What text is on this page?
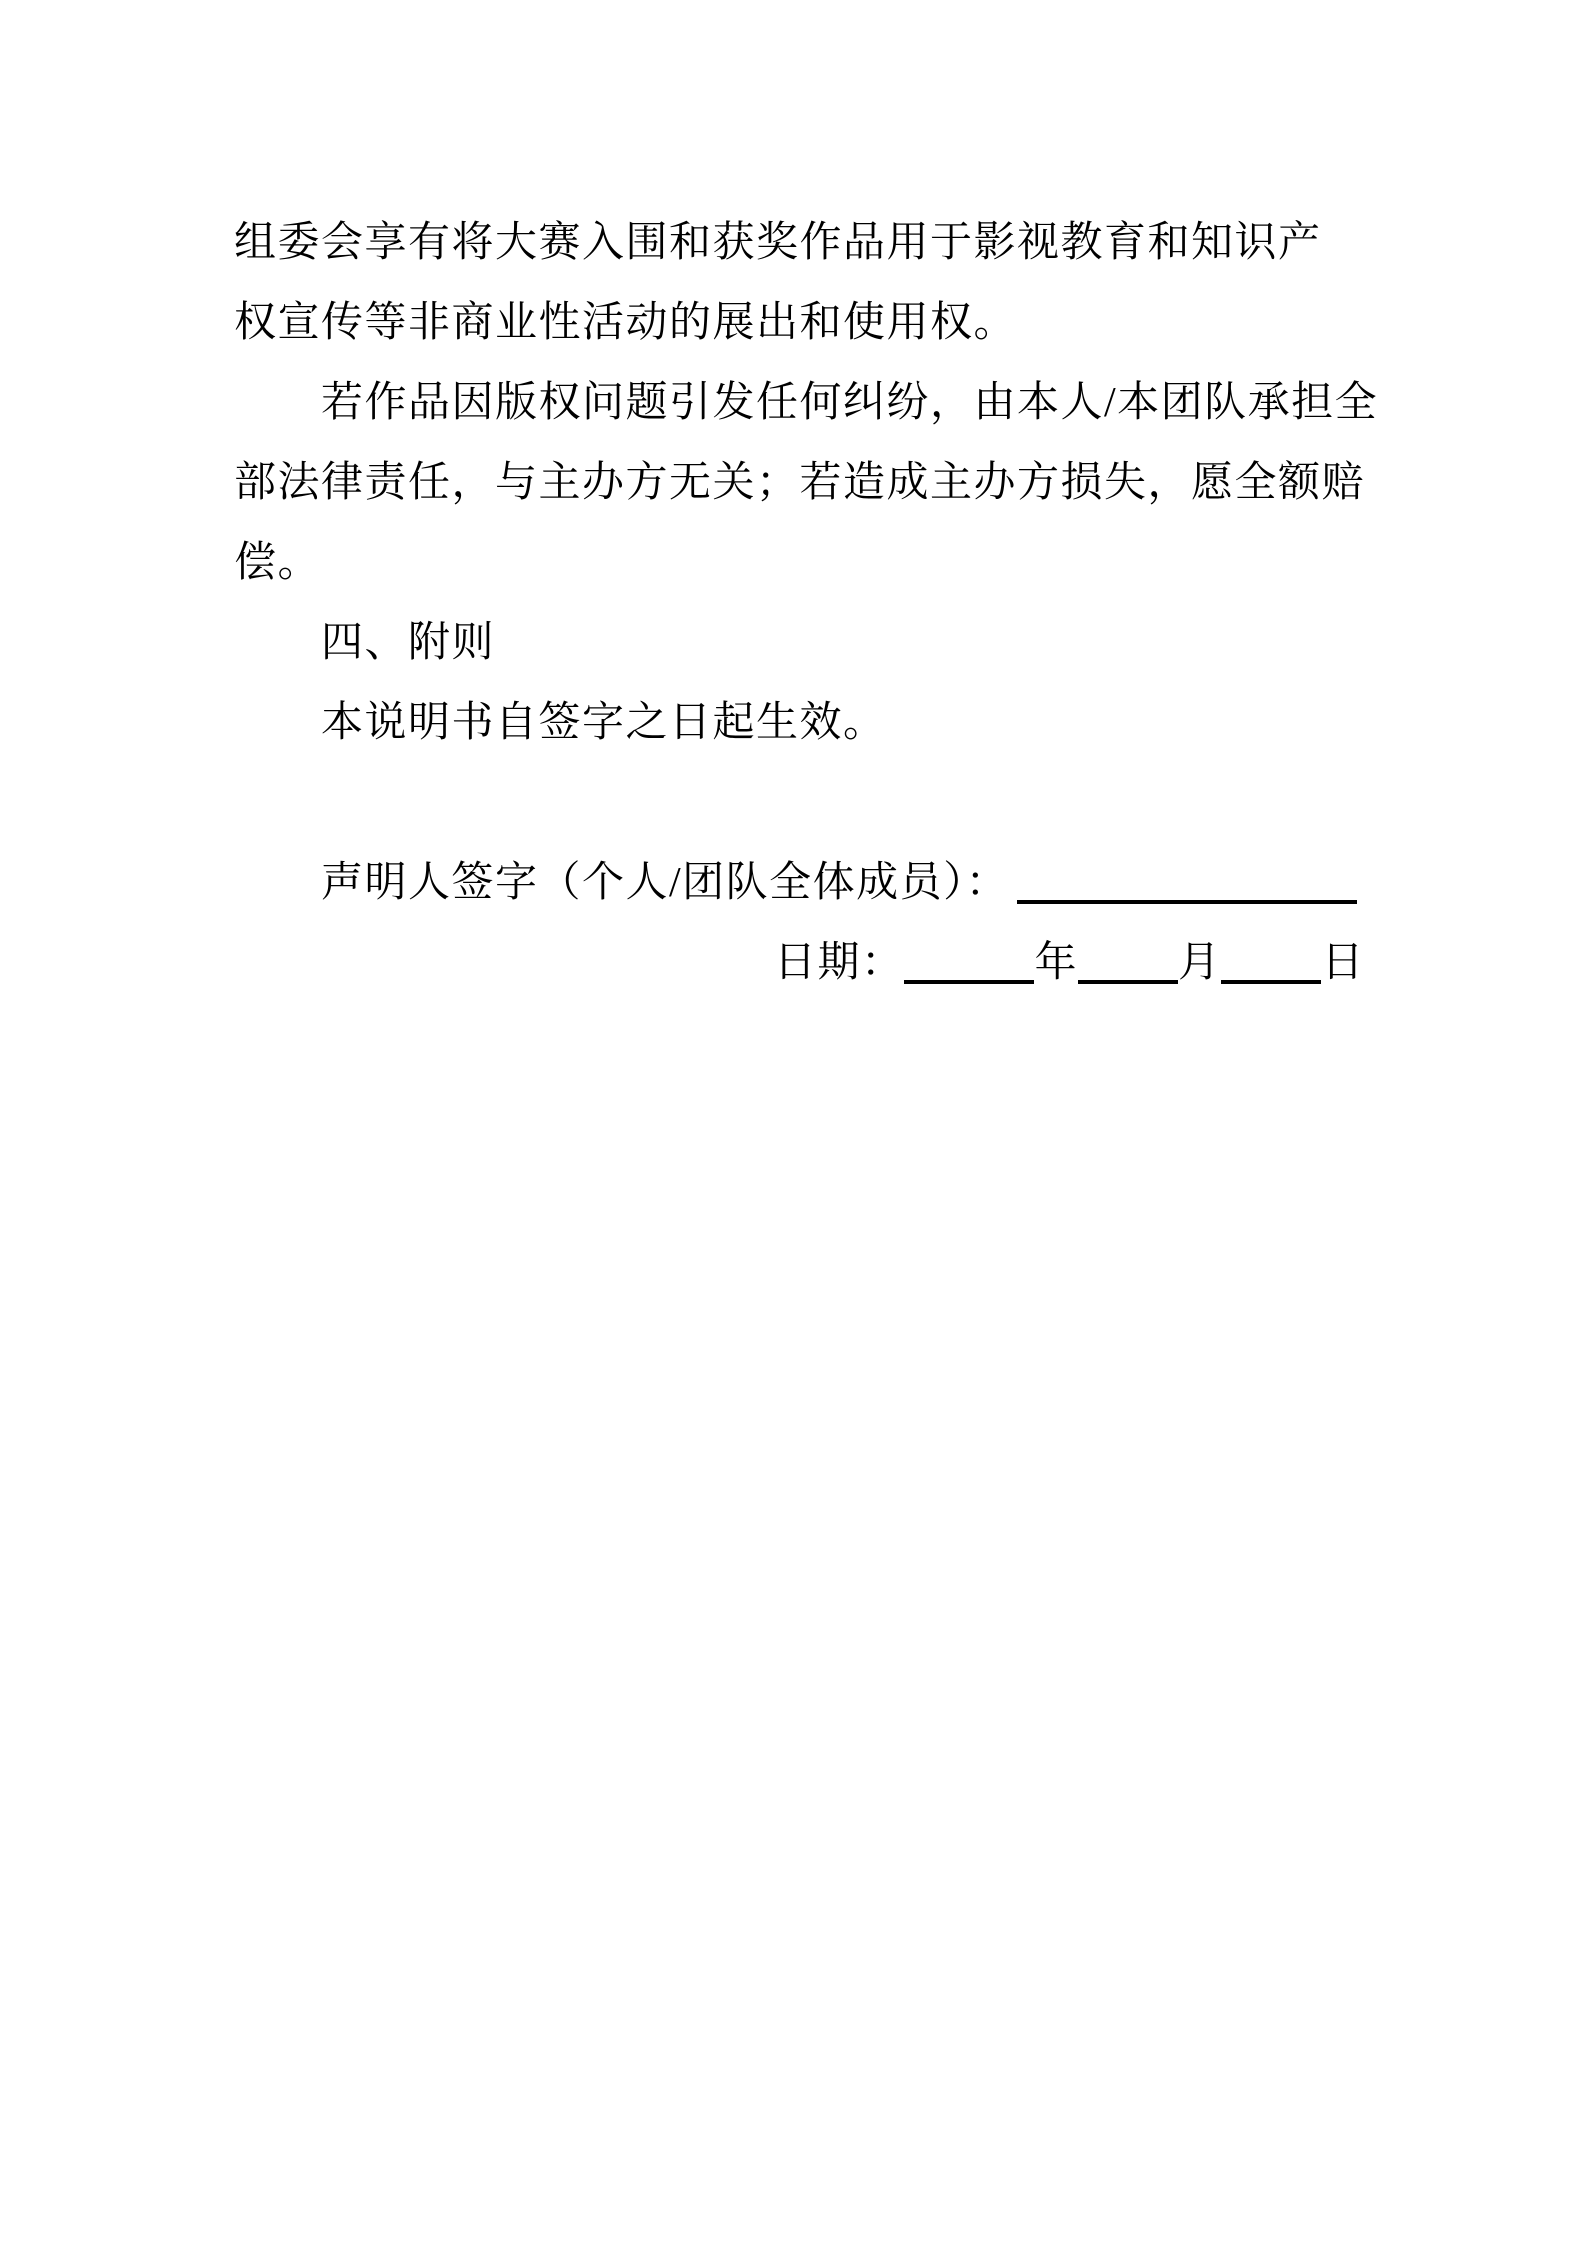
组委会享有将大赛入围和获奖作品用于影视教育和知识产
权宣传等非商业性活动的展出和使用权。
若作品因版权问题引发任何纠纷，由本人/本团队承担全
部法律责任，与主办方无关；若造成主办方损失，愿全额赔
偿。
四、附则
本说明书自签字之日起生效。
声明人签字（个人/团队全体成员）：
日期：	年 月 日
